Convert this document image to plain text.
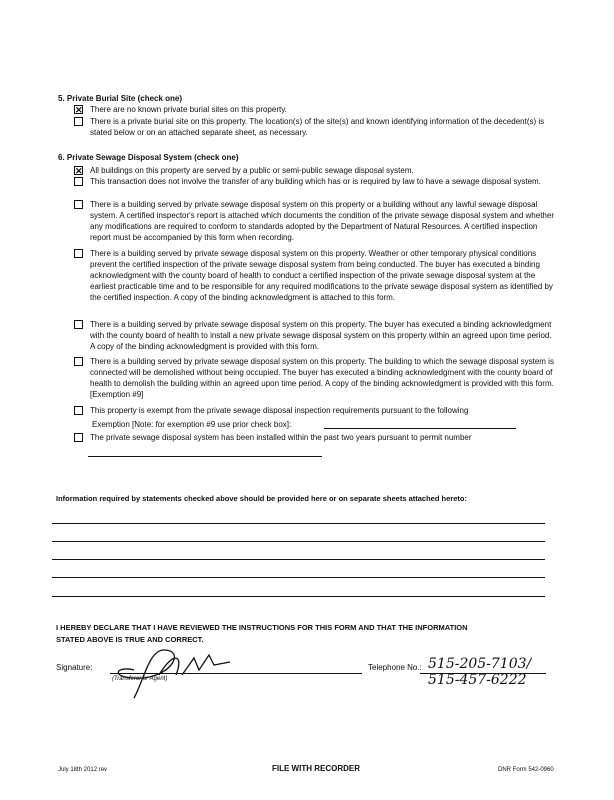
5. Private Burial Site (check one)
✕ There are no known private burial sites on this property.
There is a private burial site on this property. The location(s) of the site(s) and known identifying information of the decedent(s) is stated below or on an attached separate sheet, as necessary.
6. Private Sewage Disposal System (check one)
✕ All buildings on this property are served by a public or semi-public sewage disposal system.
This transaction does not involve the transfer of any building which has or is required by law to have a sewage disposal system.
There is a building served by private sewage disposal system on this property or a building without any lawful sewage disposal system. A certified inspector's report is attached which documents the condition of the private sewage disposal system and whether any modifications are required to conform to standards adopted by the Department of Natural Resources. A certified inspection report must be accompanied by this form when recording.
There is a building served by private sewage disposal system on this property. Weather or other temporary physical conditions prevent the certified inspection of the private sewage disposal system from being conducted. The buyer has executed a binding acknowledgment with the county board of health to conduct a certified inspection of the private sewage disposal system at the earliest practicable time and to be responsible for any required modifications to the private sewage disposal system as identified by the certified inspection. A copy of the binding acknowledgment is attached to this form.
There is a building served by private sewage disposal system on this property. The buyer has executed a binding acknowledgment with the county board of health to install a new private sewage disposal system on this property within an agreed upon time period. A copy of the binding acknowledgment is provided with this form.
There is a building served by private sewage disposal system on this property. The building to which the sewage disposal system is connected will be demolished without being occupied. The buyer has executed a binding acknowledgment with the county board of health to demolish the building within an agreed upon time period. A copy of the binding acknowledgment is provided with this form. [Exemption #9]
This property is exempt from the private sewage disposal inspection requirements pursuant to the following
Exemption [Note: for exemption #9 use prior check box]:
The private sewage disposal system has been installed within the past two years pursuant to permit number
Information required by statements checked above should be provided here or on separate sheets attached hereto:
I HEREBY DECLARE THAT I HAVE REVIEWED THE INSTRUCTIONS FOR THIS FORM AND THAT THE INFORMATION STATED ABOVE IS TRUE AND CORRECT.
Signature:
(Transferor or Agent)
Telephone No.: 515-205-7103/
515-457-6222
July 18th 2012 rev	FILE WITH RECORDER	DNR Form 542-0960
